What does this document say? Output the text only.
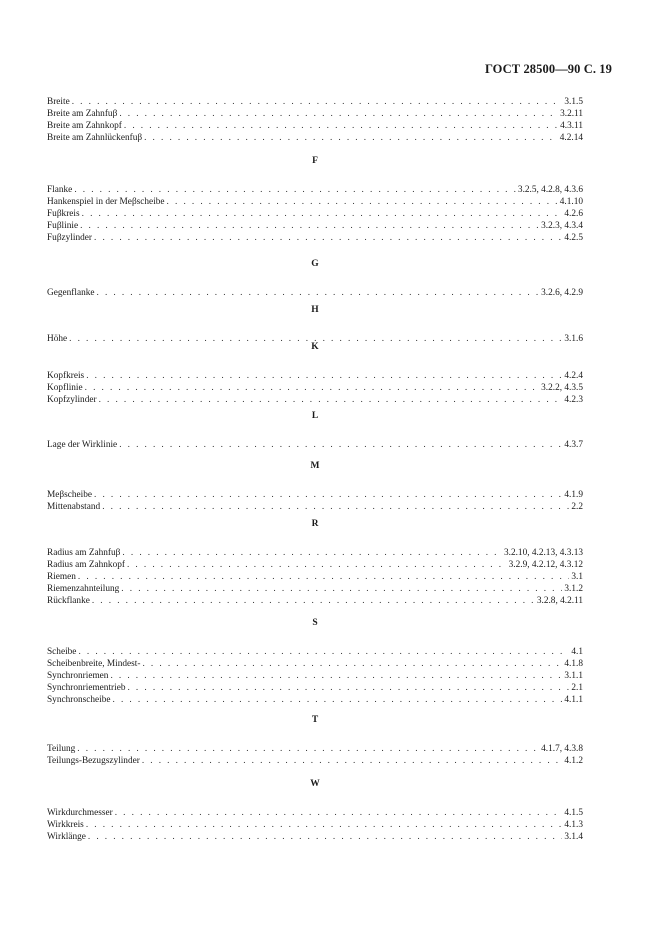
ГОСТ 28500—90 С. 19
Breite . . .	3.1.5
Breite am Zahnfuβ . . .	3.2.11
Breite am Zahnkopf . . .	4.3.11
Breite am Zahnlückenfuβ . . .	4.2.14
F
Flanke . . .	3.2.5, 4.2.8, 4.3.6
Hankenspiel in der Meβscheibe . . .	4.1.10
Fuβkreis . . .	4.2.6
Fuβlinie . . .	3.2.3, 4.3.4
Fuβzylinder . . .	4.2.5
G
Gegenflanke . . .	3.2.6, 4.2.9
H
Höhe . . .	3.1.6
K
Kopfkreis . . .	4.2.4
Kopflinie . . .	3.2.2, 4.3.5
Kopfzylinder . . .	4.2.3
L
Lage der Wirklinie . . .	4.3.7
M
Meβscheibe . . .	4.1.9
Mittenabstand . . .	2.2
R
Radius am Zahnfuβ . . .	3.2.10, 4.2.13, 4.3.13
Radius am Zahnkopf . . .	3.2.9, 4.2.12, 4.3.12
Riemen . . .	3.1
Riemenzahnteilung . . .	3.1.2
Rückflanke . . .	3.2.8, 4.2.11
S
Scheibe . . .	4.1
Scheibenbreite, Mindest- . . .	4.1.8
Synchronriemen . . .	3.1.1
Synchronriementrieb . . .	2.1
Synchronscheibe . . .	4.1.1
T
Teilung . . .	4.1.7, 4.3.8
Teilungs-Bezugszylinder . . .	4.1.2
W
Wirkdurchmesser . . .	4.1.5
Wirkkreis . . .	4.1.3
Wirklänge . . .	3.1.4
